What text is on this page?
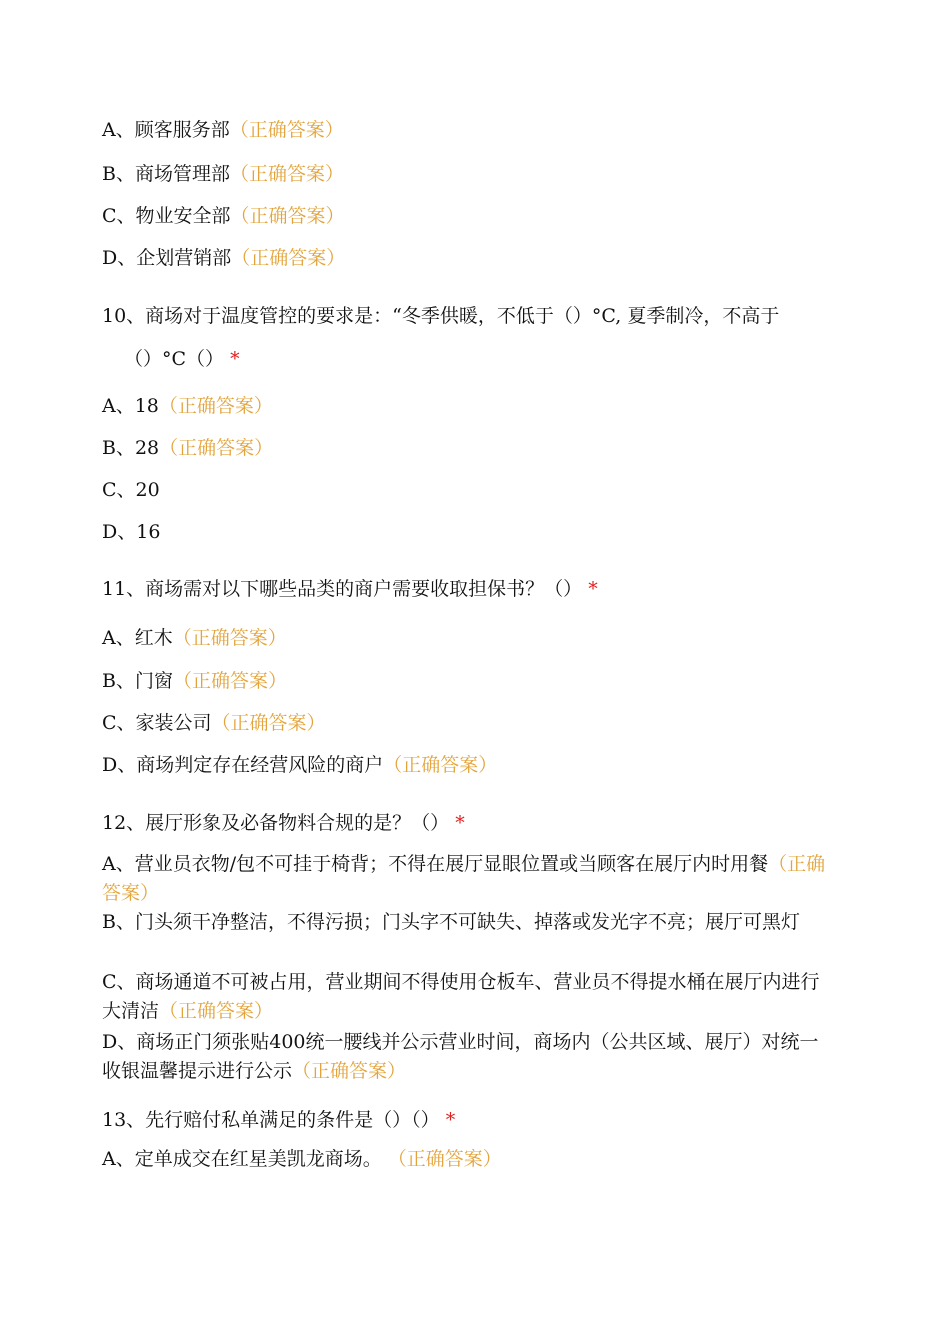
A、顾客服务部（正确答案）
B、商场管理部（正确答案）
C、物业安全部（正确答案）
D、企划营销部（正确答案）
10、商场对于温度管控的要求是：“冬季供暖，不低于（）°C, 夏季制冷，不高于
（）°C（） *
A、18（正确答案）
B、28（正确答案）
C、20
D、16
11、商场需对以下哪些品类的商户需要收取担保书？（） *
A、红木（正确答案）
B、门窗（正确答案）
C、家装公司（正确答案）
D、商场判定存在经营风险的商户（正确答案）
12、展厅形象及必备物料合规的是？（） *
A、营业员衣物/包不可挂于椅背；不得在展厅显眼位置或当顾客在展厅内时用餐（正确答案）
B、门头须干净整洁，不得污损；门头字不可缺失、掉落或发光字不亮；展厅可黑灯
C、商场通道不可被占用，营业期间不得使用仓板车、营业员不得提水桶在展厅内进行大清洁（正确答案）
D、商场正门须张贴400统一腰线并公示营业时间，商场内（公共区域、展厅）对统一收银温馨提示进行公示（正确答案）
13、先行赔付私单满足的条件是（）（） *
A、定单成交在红星美凯龙商场。 （正确答案）
